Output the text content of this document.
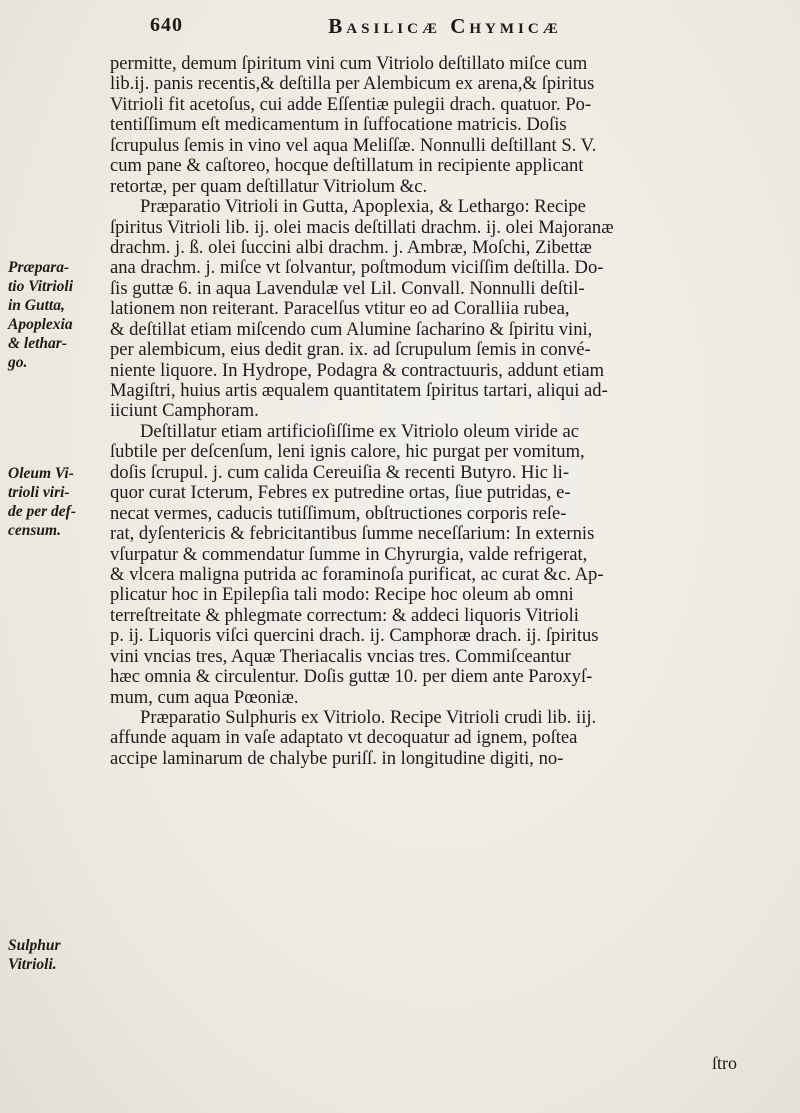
640	Basilicæ Chymicæ
Præpara-
tio Vitrioli
in Gutta,
Apoplexia
& lethar-
go.
Oleum Vi-
trioli viri-
de per def-
censum.
Sulphur
Vitrioli.
permitte, demum ſpiritum vini cum Vitriolo deſtillato miſce cum
lib.ij. panis recentis,& deſtilla per Alembicum ex arena,& ſpiritus
Vitrioli fit acetoſus, cui adde Eſſentiæ pulegii drach. quatuor. Po-
tentiſſimum eſt medicamentum in ſuffocatione matricis. Doſis
ſcrupulus ſemis in vino vel aqua Meliſſæ. Nonnulli deſtillant S. V.
cum pane & caſtoreo, hocque deſtillatum in recipiente applicant
retortæ, per quam deſtillatur Vitriolum &c.
Præparatio Vitrioli in Gutta, Apoplexia, & Lethargo: Recipe
ſpiritus Vitrioli lib. ij. olei macis deſtillati drachm. ij. olei Majoranæ
drachm. j. ß. olei ſuccini albi drachm. j. Ambræ, Moſchi, Zibettæ
ana drachm. j. miſce vt ſolvantur, poſtmodum viciſſim deſtilla. Do-
ſis guttæ 6. in aqua Lavendulæ vel Lil. Convall. Nonnulli deſtil-
lationem non reiterant. Paracelſus vtitur eo ad Coralliia rubea,
& deſtillat etiam miſcendo cum Alumine ſacharino & ſpiritu vini,
per alembicum, eius dedit gran. ix. ad ſcrupulum ſemis in convé-
niente liquore. In Hydrope, Podagra & contractuuris, addunt etiam
Magiſtri, huius artis æqualem quantitatem ſpiritus tartari, aliqui ad-
iiciunt Camphoram.
Deſtillatur etiam artificioſiſſime ex Vitriolo oleum viride ac
ſubtile per deſcenſum, leni ignis calore, hic purgat per vomitum,
doſis ſcrupul. j. cum calida Cereuiſia & recenti Butyro. Hic li-
quor curat Icterum, Febres ex putredine ortas, ſiue putridas, e-
necat vermes, caducis tutiſſimum, obſtructiones corporis reſe-
rat, dyſentericis & febricitantibus ſumme neceſſarium: In externis
vſurpatur & commendatur ſumme in Chyrurgia, valde refrigerat,
& vlcera maligna putrida ac foraminoſa purificat, ac curat &c. Ap-
plicatur hoc in Epilepſia tali modo: Recipe hoc oleum ab omni
terreſtreitate & phlegmate correctum: & addeci liquoris Vitrioli
p. ij. Liquoris viſci quercini drach. ij. Camphoræ drach. ij. ſpiritus
vini vncias tres, Aquæ Theriacalis vncias tres. Commiſceantur
hæc omnia & circulentur. Doſis guttæ 10. per diem ante Paroxyſ-
mum, cum aqua Pœoniæ.
Præparatio Sulphuris ex Vitriolo. Recipe Vitrioli crudi lib. iij.
affunde aquam in vaſe adaptato vt decoquatur ad ignem, poſtea
accipe laminarum de chalybe puriſſ. in longitudine digiti, no-
ſtro
